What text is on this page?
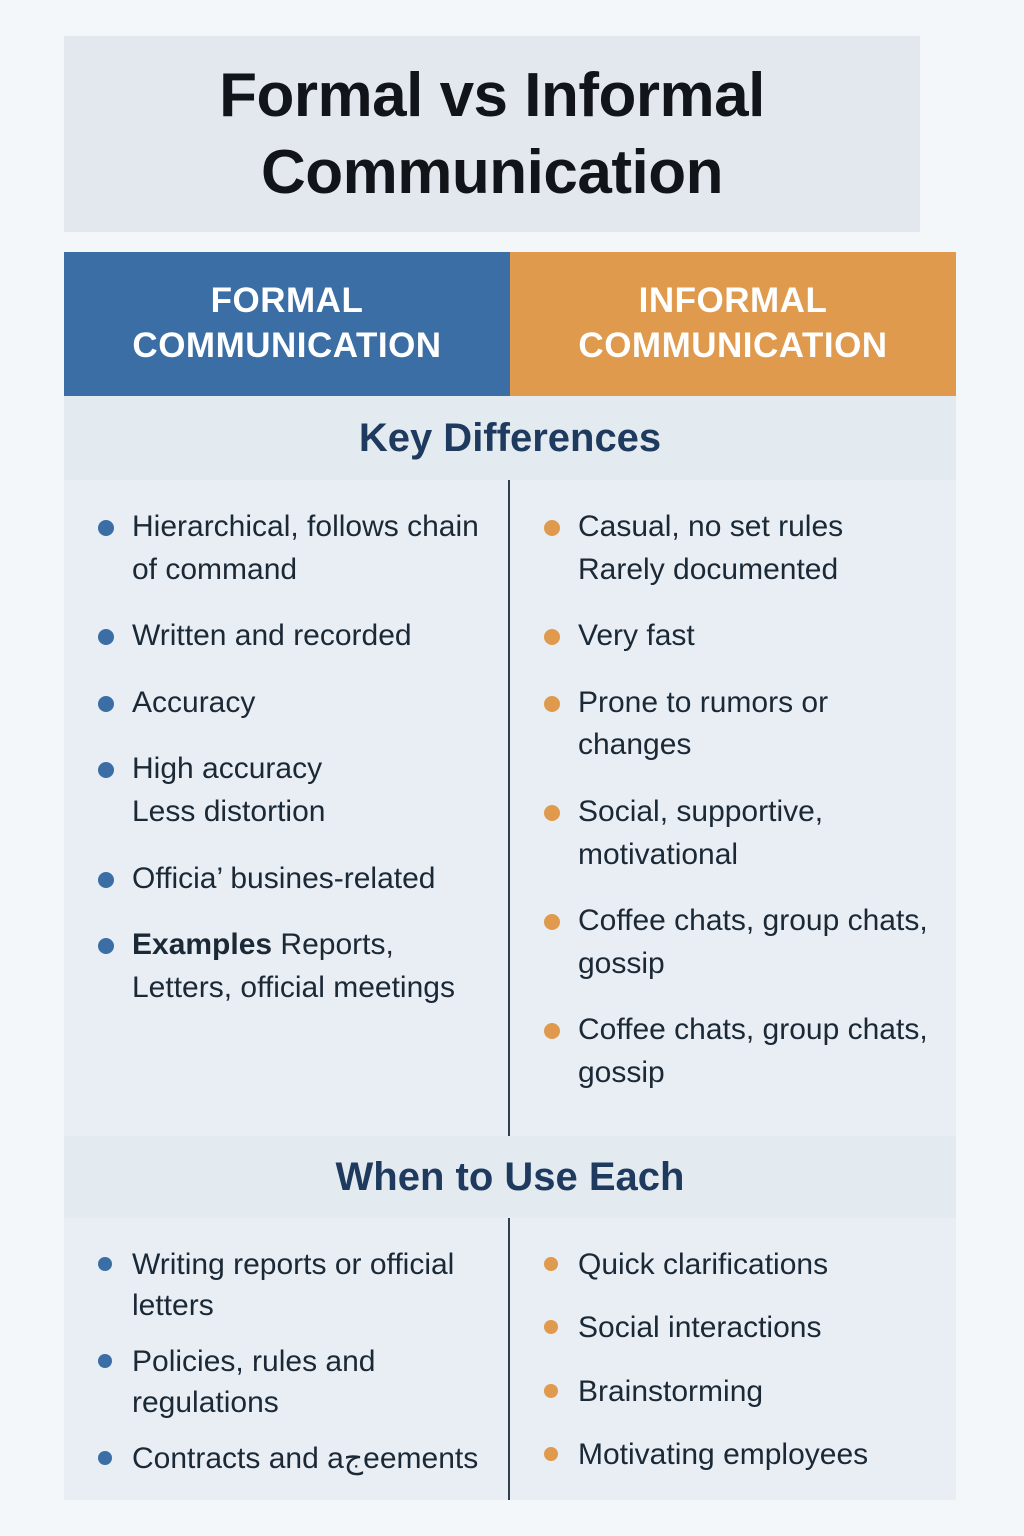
Formal vs Informal Communication
FORMAL COMMUNICATION
INFORMAL COMMUNICATION
Key Differences
Hierarchical, follows chain of command
Written and recorded
Accuracy
High accuracy
Less distortion
Officia’ busines-related
Examples Reports, Letters, official meetings
Casual, no set rules
Rarely documented
Very fast
Prone to rumors or changes
Social, supportive, motivational
Coffee chats, group chats, gossip
Coffee chats, group chats, gossip
When to Use Each
Writing reports or official letters
Policies, rules and regulations
Contracts and aجeements
Quick clarifications
Social interactions
Brainstorming
Motivating employees
